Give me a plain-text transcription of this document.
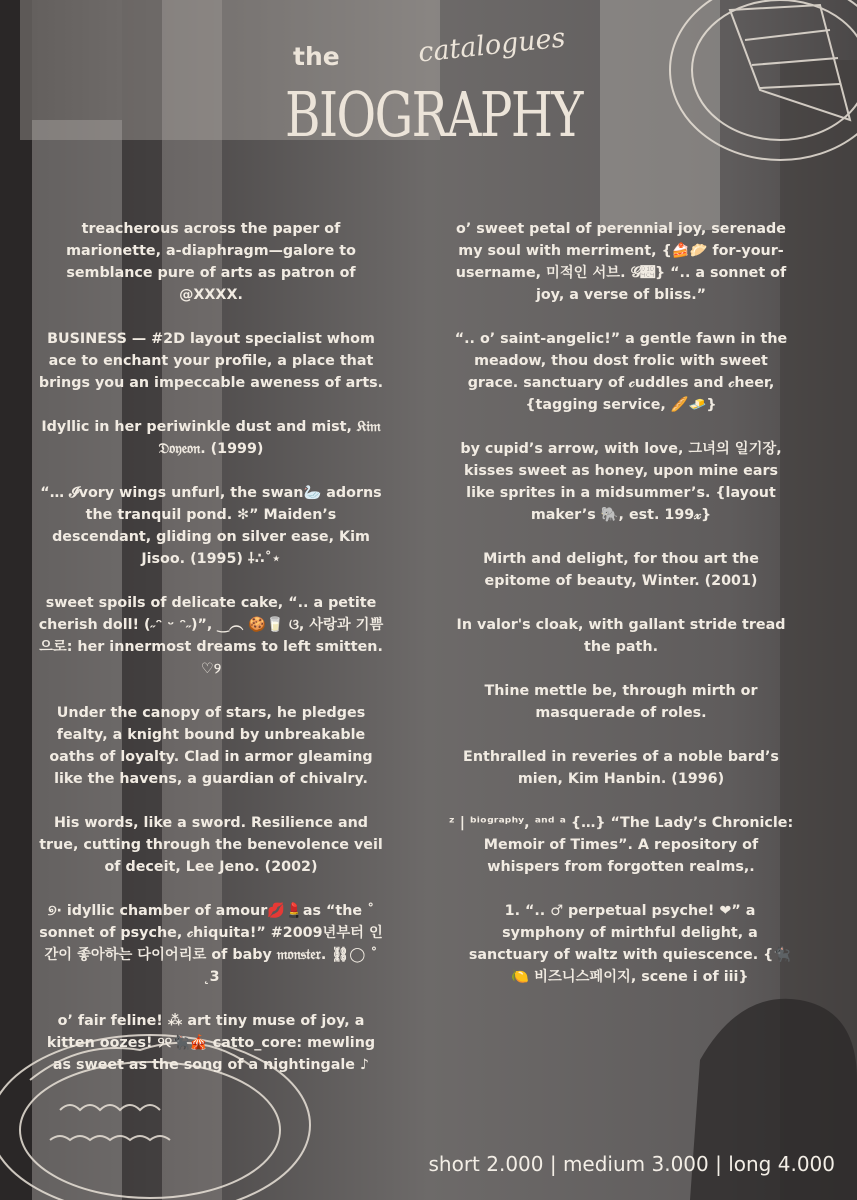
the	catalogues
BIOGRAPHY

treacherous across the paper of marionette, a-diaphragm—galore to semblance pure of arts as patron of @XXXX.

BUSINESS — #2D layout specialist whom ace to enchant your profile, a place that brings you an impeccable aweness of arts.

Idyllic in her periwinkle dust and mist, 𝔎𝔦𝔪 𝔇𝔬𝔶𝔢𝔬𝔫. (1999)

“… 𝓘vory wings unfurl, the swan🦢 adorns the tranquil pond. ✻” Maiden’s descendant, gliding on silver ease, Kim Jisoo. (1995) ⸸∴˚⋆

sweet spoils of delicate cake, “.. a petite cherish doll! (˶ᵔ ᵕ ᵔ˶)”, ‿︵ 🍪🥛 ଓ, 사랑과 기쁨으로: her innermost dreams to left smitten. ♡୨

Under the canopy of stars, he pledges fealty, a knight bound by unbreakable oaths of loyalty. Clad in armor gleaming like the havens, a guardian of chivalry.

His words, like a sword. Resilience and true, cutting through the benevolence veil of deceit, Lee Jeno. (2002)

୭· idyllic chamber of amour💋💄as “the ˚ sonnet of psyche, 𝒸hiquita!” #2009년부터 인간이 좋아하는 다이어리로 of baby 𝔪𝔬𝔫𝔰𝔱𝔢𝔯. ⛓︎◯ ˚ ˛3

o’ fair feline! ⁂ art tiny muse of joy, a kitten oozes! ୨୧🐈‍⬛🎪 catto_core: mewling as sweet as the song of a nightingale ♪

o’ sweet petal of perennial joy, serenade my soul with merriment, {🍰🥟 for-your-username, 미적인 서브. 𝒢𝓄} “.. a sonnet of joy, a verse of bliss.”

“.. o’ saint-angelic!” a gentle fawn in the meadow, thou dost frolic with sweet grace. sanctuary of 𝒸uddles and 𝒸heer, {tagging service, 🥖🧈}

by cupid’s arrow, with love, 그녀의 일기장, kisses sweet as honey, upon mine ears like sprites in a midsummer’s. {layout maker’s 🐘, est. 199𝓍}

Mirth and delight, for thou art the epitome of beauty, Winter. (2001)

In valor's cloak, with gallant stride tread the path.

Thine mettle be, through mirth or masquerade of roles.

Enthralled in reveries of a noble bard’s mien, Kim Hanbin. (1996)

ᶻ | ᵇⁱᵒᵍʳᵃᵖʰʸ, ᵃⁿᵈ ᵃ {…} “The Lady’s Chronicle: Memoir of Times”. A repository of whispers from forgotten realms,.

1. “.. ♂ perpetual psyche! ❤” a symphony of mirthful delight, a sanctuary of waltz with quiescence. {🐈‍⬛🍋 비즈니스페이지, scene i of iii}

short 2.000 | medium 3.000 | long 4.000
